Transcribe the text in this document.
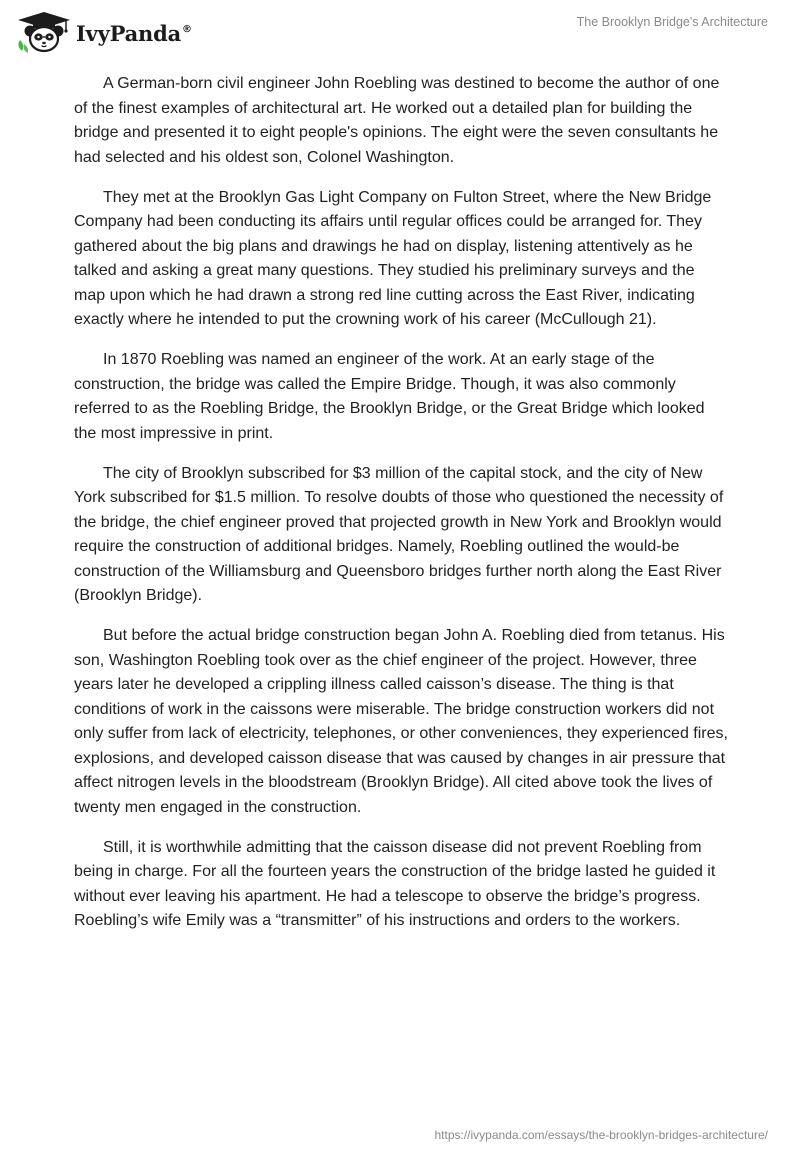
IvyPanda®	The Brooklyn Bridge's Architecture

A German-born civil engineer John Roebling was destined to become the author of one of the finest examples of architectural art. He worked out a detailed plan for building the bridge and presented it to eight people's opinions. The eight were the seven consultants he had selected and his oldest son, Colonel Washington.

They met at the Brooklyn Gas Light Company on Fulton Street, where the New Bridge Company had been conducting its affairs until regular offices could be arranged for. They gathered about the big plans and drawings he had on display, listening attentively as he talked and asking a great many questions. They studied his preliminary surveys and the map upon which he had drawn a strong red line cutting across the East River, indicating exactly where he intended to put the crowning work of his career (McCullough 21).

In 1870 Roebling was named an engineer of the work. At an early stage of the construction, the bridge was called the Empire Bridge. Though, it was also commonly referred to as the Roebling Bridge, the Brooklyn Bridge, or the Great Bridge which looked the most impressive in print.

The city of Brooklyn subscribed for $3 million of the capital stock, and the city of New York subscribed for $1.5 million. To resolve doubts of those who questioned the necessity of the bridge, the chief engineer proved that projected growth in New York and Brooklyn would require the construction of additional bridges. Namely, Roebling outlined the would-be construction of the Williamsburg and Queensboro bridges further north along the East River (Brooklyn Bridge).

But before the actual bridge construction began John A. Roebling died from tetanus. His son, Washington Roebling took over as the chief engineer of the project. However, three years later he developed a crippling illness called caisson’s disease. The thing is that conditions of work in the caissons were miserable. The bridge construction workers did not only suffer from lack of electricity, telephones, or other conveniences, they experienced fires, explosions, and developed caisson disease that was caused by changes in air pressure that affect nitrogen levels in the bloodstream (Brooklyn Bridge). All cited above took the lives of twenty men engaged in the construction.

Still, it is worthwhile admitting that the caisson disease did not prevent Roebling from being in charge. For all the fourteen years the construction of the bridge lasted he guided it without ever leaving his apartment. He had a telescope to observe the bridge’s progress. Roebling’s wife Emily was a “transmitter” of his instructions and orders to the workers.

https://ivypanda.com/essays/the-brooklyn-bridges-architecture/
